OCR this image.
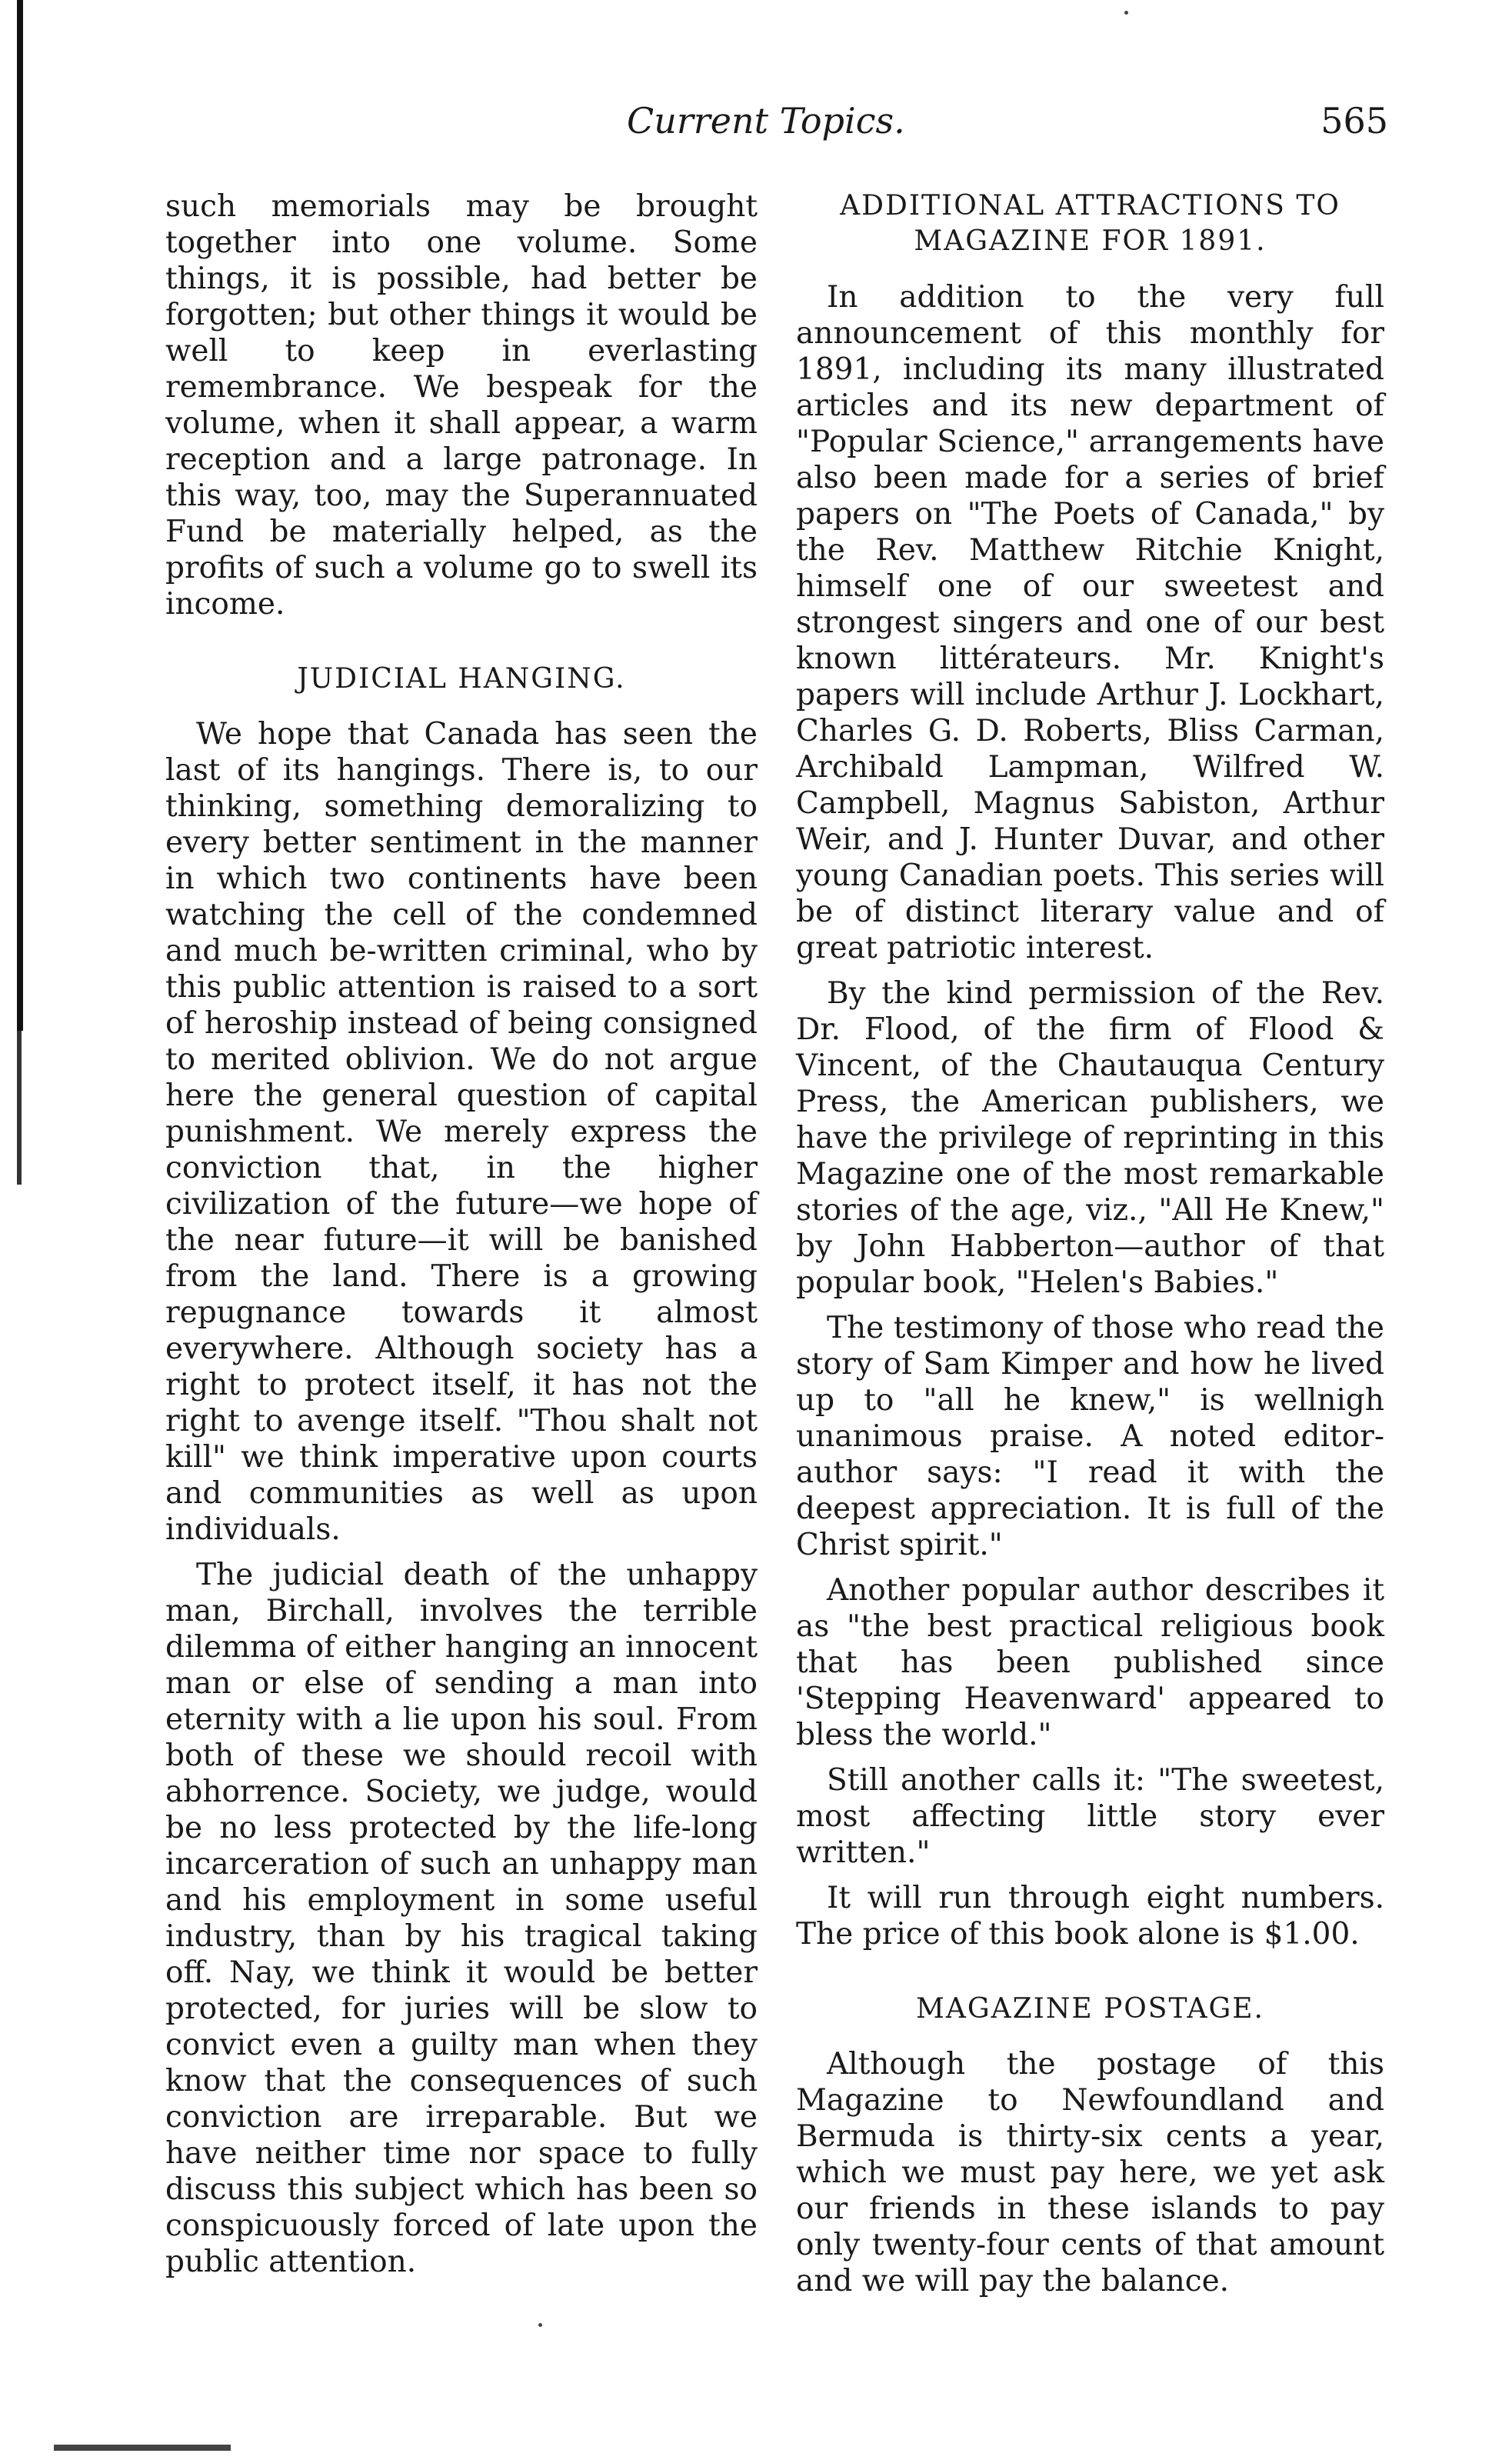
Current Topics.	565

such memorials may be brought together into one volume. Some things, it is possible, had better be forgotten; but other things it would be well to keep in everlasting remembrance. We bespeak for the volume, when it shall appear, a warm reception and a large patronage. In this way, too, may the Superannuated Fund be materially helped, as the profits of such a volume go to swell its income.

JUDICIAL HANGING.

We hope that Canada has seen the last of its hangings. There is, to our thinking, something demoralizing to every better sentiment in the manner in which two continents have been watching the cell of the condemned and much be-written criminal, who by this public attention is raised to a sort of heroship instead of being consigned to merited oblivion. We do not argue here the general question of capital punishment. We merely express the conviction that, in the higher civilization of the future—we hope of the near future—it will be banished from the land. There is a growing repugnance towards it almost everywhere. Although society has a right to protect itself, it has not the right to avenge itself. "Thou shalt not kill" we think imperative upon courts and communities as well as upon individuals.

The judicial death of the unhappy man, Birchall, involves the terrible dilemma of either hanging an innocent man or else of sending a man into eternity with a lie upon his soul. From both of these we should recoil with abhorrence. Society, we judge, would be no less protected by the life-long incarceration of such an unhappy man and his employment in some useful industry, than by his tragical taking off. Nay, we think it would be better protected, for juries will be slow to convict even a guilty man when they know that the consequences of such conviction are irreparable. But we have neither time nor space to fully discuss this subject which has been so conspicuously forced of late upon the public attention.

ADDITIONAL ATTRACTIONS TO MAGAZINE FOR 1891.

In addition to the very full announcement of this monthly for 1891, including its many illustrated articles and its new department of "Popular Science," arrangements have also been made for a series of brief papers on "The Poets of Canada," by the Rev. Matthew Ritchie Knight, himself one of our sweetest and strongest singers and one of our best known littérateurs. Mr. Knight's papers will include Arthur J. Lockhart, Charles G. D. Roberts, Bliss Carman, Archibald Lampman, Wilfred W. Campbell, Magnus Sabiston, Arthur Weir, and J. Hunter Duvar, and other young Canadian poets. This series will be of distinct literary value and of great patriotic interest.

By the kind permission of the Rev. Dr. Flood, of the firm of Flood & Vincent, of the Chautauqua Century Press, the American publishers, we have the privilege of reprinting in this Magazine one of the most remarkable stories of the age, viz., "All He Knew," by John Habberton—author of that popular book, "Helen's Babies."

The testimony of those who read the story of Sam Kimper and how he lived up to "all he knew," is wellnigh unanimous praise. A noted editor-author says: "I read it with the deepest appreciation. It is full of the Christ spirit."

Another popular author describes it as "the best practical religious book that has been published since 'Stepping Heavenward' appeared to bless the world."

Still another calls it: "The sweetest, most affecting little story ever written."

It will run through eight numbers. The price of this book alone is $1.00.

MAGAZINE POSTAGE.

Although the postage of this Magazine to Newfoundland and Bermuda is thirty-six cents a year, which we must pay here, we yet ask our friends in these islands to pay only twenty-four cents of that amount and we will pay the balance.
